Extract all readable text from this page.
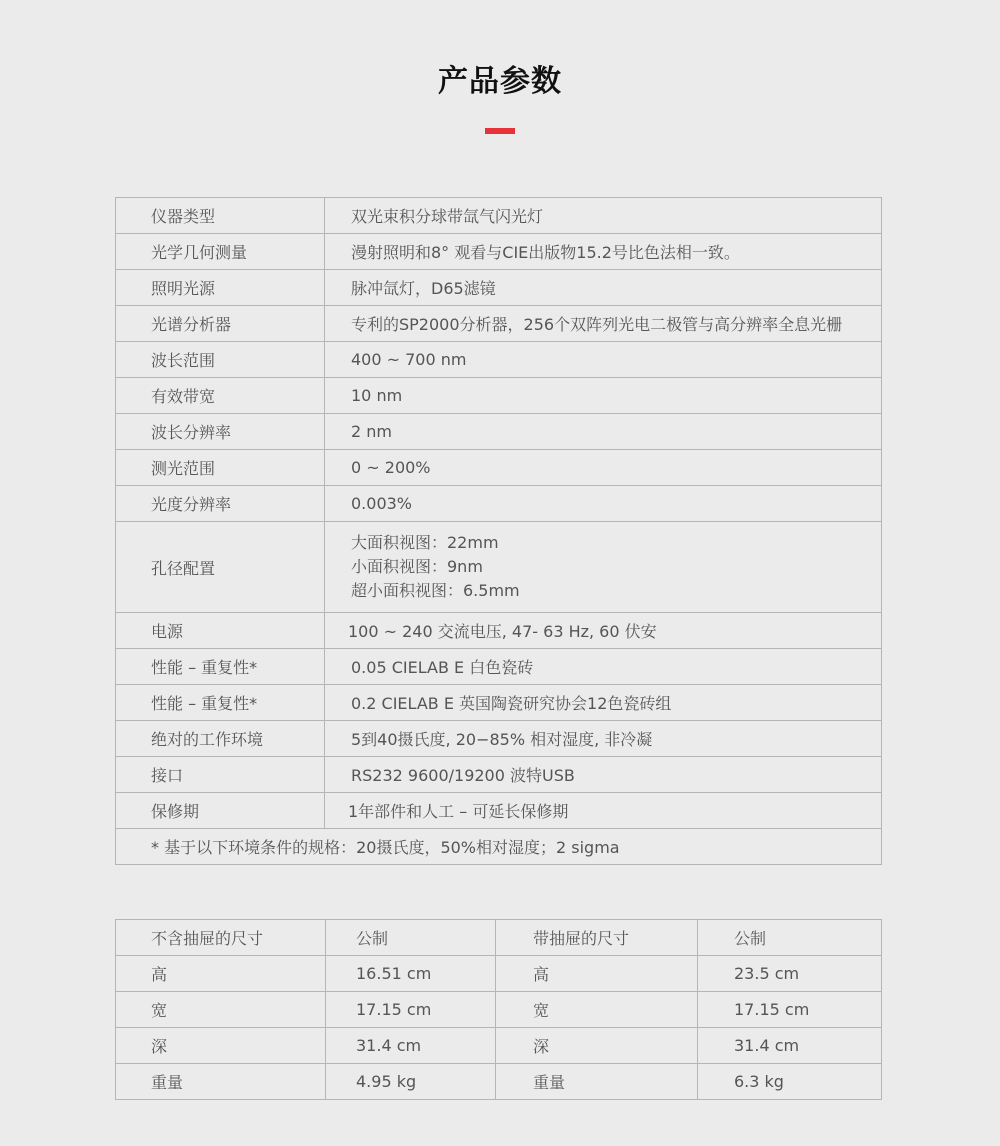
产品参数
仪器类型	双光束积分球带氙气闪光灯
光学几何测量	漫射照明和8° 观看与CIE出版物15.2号比色法相一致。
照明光源	脉冲氙灯，D65滤镜
光谱分析器	专利的SP2000分析器，256个双阵列光电二极管与高分辨率全息光栅
波长范围	400 ~ 700 nm
有效带宽	10 nm
波长分辨率	2 nm
测光范围	0 ~ 200%
光度分辨率	0.003%
孔径配置	大面积视图：22mm
小面积视图：9nm
超小面积视图：6.5mm

电源	100 ~ 240 交流电压, 47- 63 Hz, 60 伏安
性能 – 重复性*	0.05 CIELAB E 白色瓷砖
性能 – 重复性*	0.2 CIELAB E 英国陶瓷研究协会12色瓷砖组
绝对的工作环境	5到40摄氏度, 20−85% 相对湿度, 非冷凝
接口	RS232 9600/19200 波特USB
保修期	1年部件和人工 – 可延长保修期
* 基于以下环境条件的规格：20摄氏度，50%相对湿度；2 sigma	
不含抽屉的尺寸	公制	带抽屉的尺寸	公制
高	16.51 cm	高	23.5 cm
宽	17.15 cm	宽	17.15 cm
深	31.4 cm	深	31.4 cm
重量	4.95 kg	重量	6.3 kg
